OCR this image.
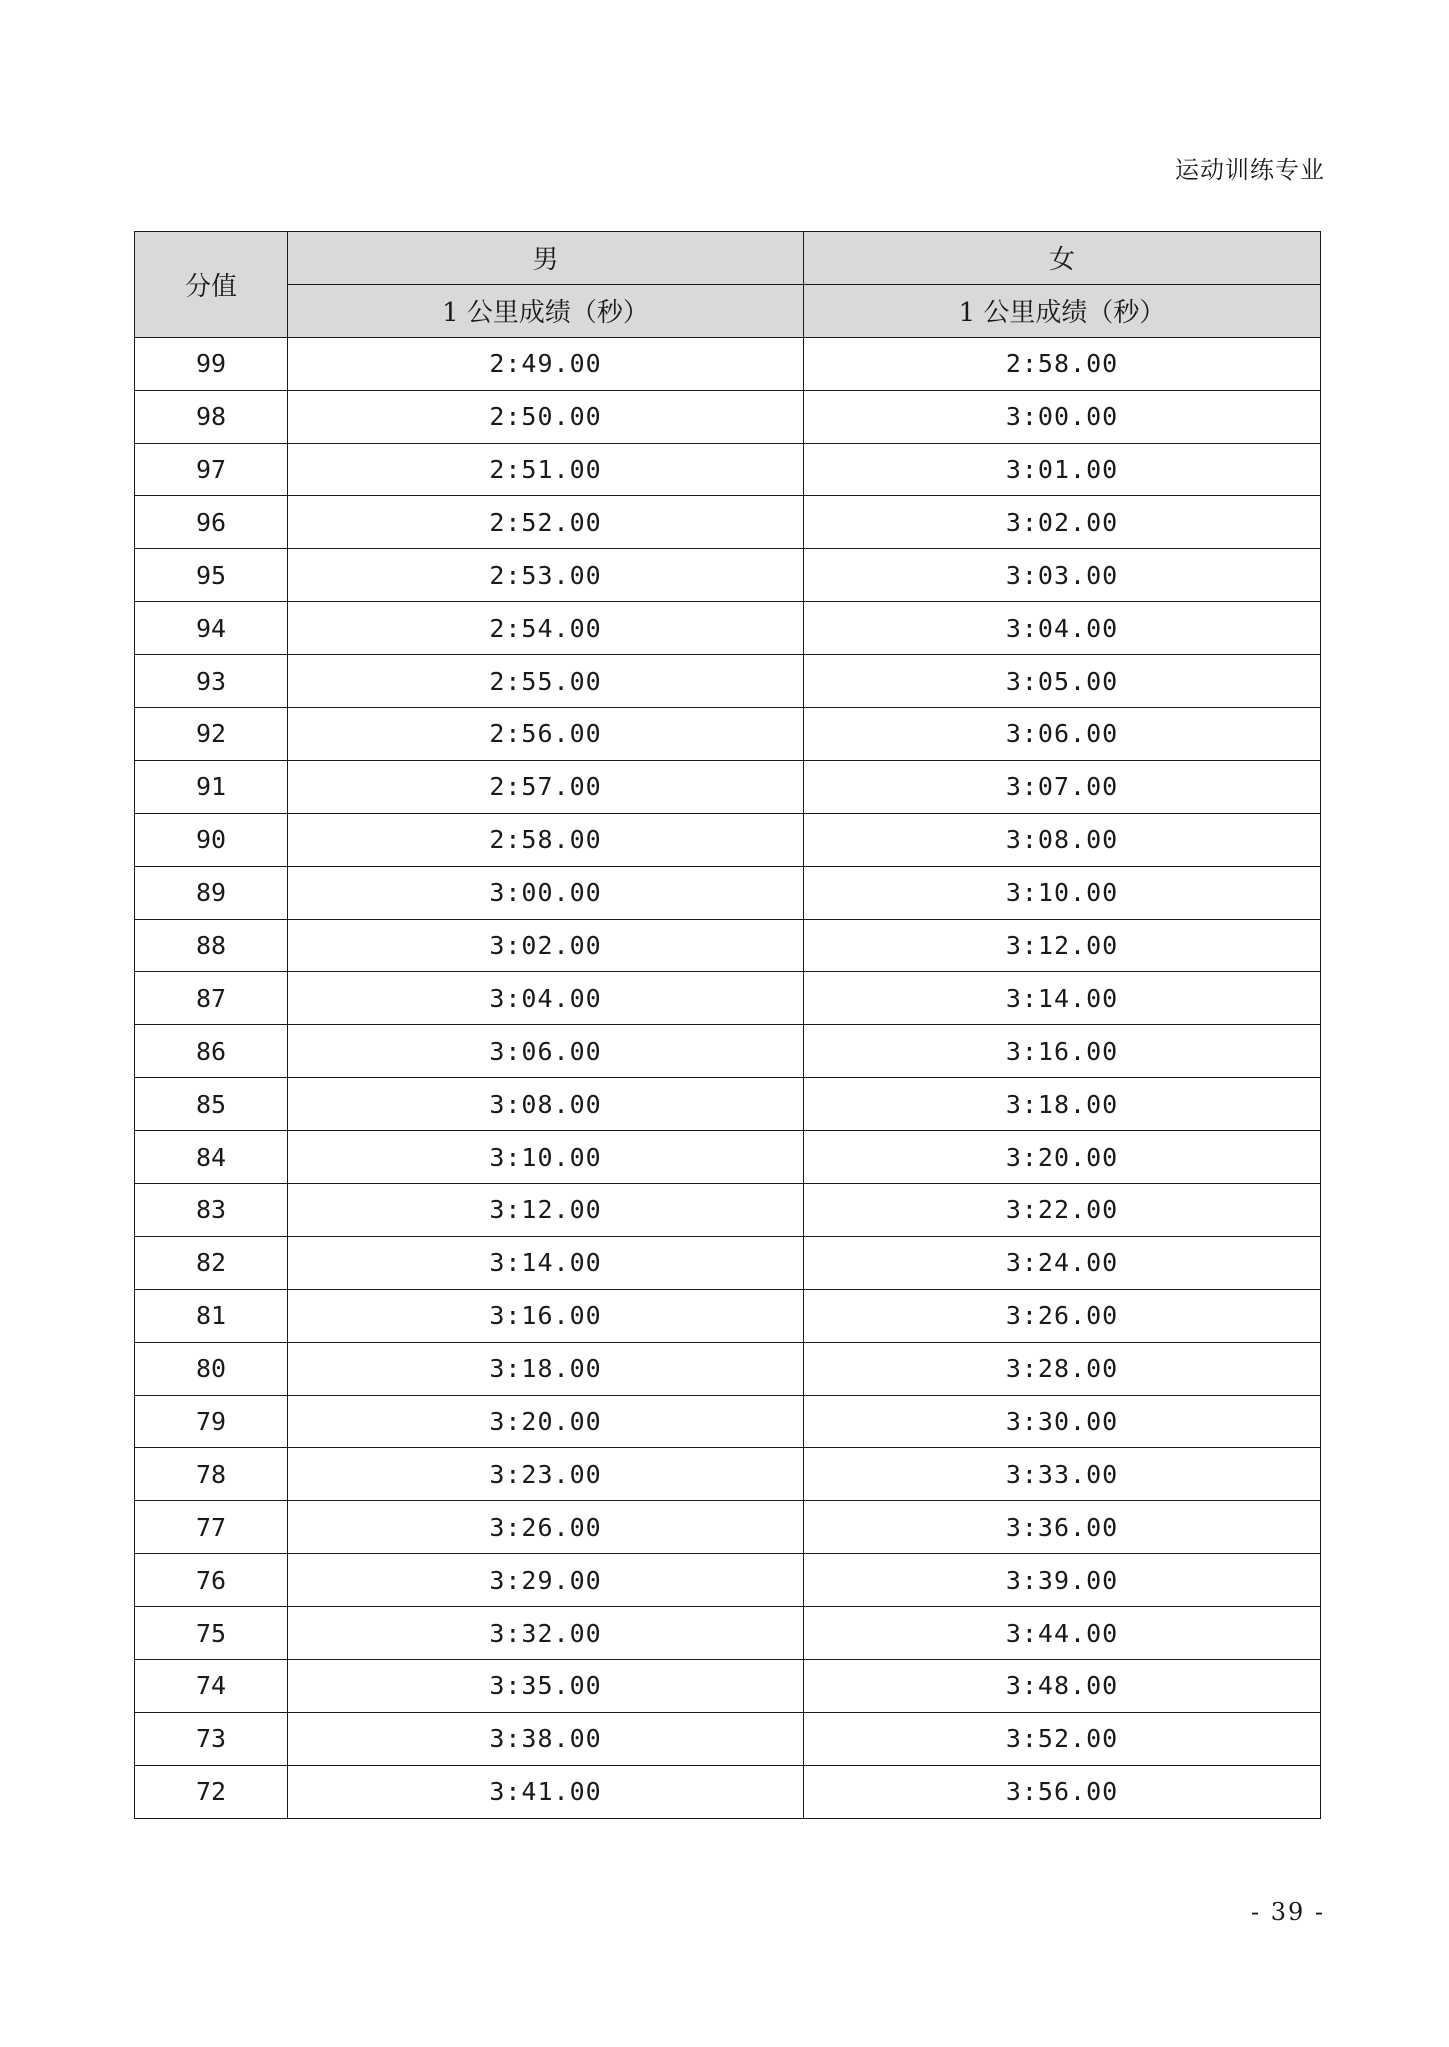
运动训练专业
分值	男	女
	1 公里成绩（秒）	1 公里成绩（秒）
99	2:49.00	2:58.00
98	2:50.00	3:00.00
97	2:51.00	3:01.00
96	2:52.00	3:02.00
95	2:53.00	3:03.00
94	2:54.00	3:04.00
93	2:55.00	3:05.00
92	2:56.00	3:06.00
91	2:57.00	3:07.00
90	2:58.00	3:08.00
89	3:00.00	3:10.00
88	3:02.00	3:12.00
87	3:04.00	3:14.00
86	3:06.00	3:16.00
85	3:08.00	3:18.00
84	3:10.00	3:20.00
83	3:12.00	3:22.00
82	3:14.00	3:24.00
81	3:16.00	3:26.00
80	3:18.00	3:28.00
79	3:20.00	3:30.00
78	3:23.00	3:33.00
77	3:26.00	3:36.00
76	3:29.00	3:39.00
75	3:32.00	3:44.00
74	3:35.00	3:48.00
73	3:38.00	3:52.00
72	3:41.00	3:56.00
- 39 -
